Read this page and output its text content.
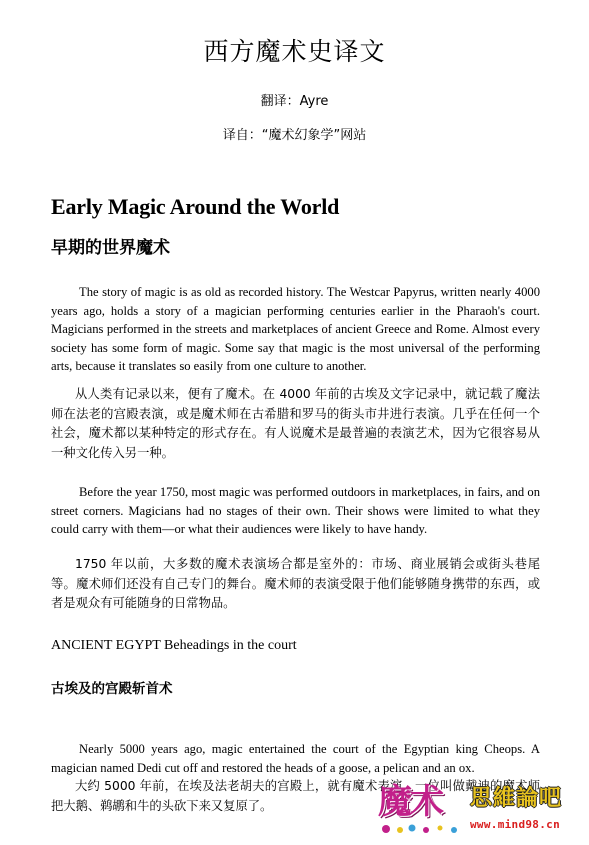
西方魔术史译文
翻译：Ayre
译自：“魔术幻象学”网站
Early Magic Around the World
早期的世界魔术

The story of magic is as old as recorded history. The Westcar Papyrus, written nearly 4000 years ago, holds a story of a magician performing centuries earlier in the Pharaoh's court. Magicians performed in the streets and marketplaces of ancient Greece and Rome. Almost every society has some form of magic. Some say that magic is the most universal of the performing arts, because it translates so easily from one culture to another.

从人类有记录以来，便有了魔术。在 4000 年前的古埃及文字记录中，就记载了魔法师在法老的宫殿表演，或是魔术师在古希腊和罗马的街头市井进行表演。几乎在任何一个社会，魔术都以某种特定的形式存在。有人说魔术是最普遍的表演艺术，因为它很容易从一种文化传入另一种。

Before the year 1750, most magic was performed outdoors in marketplaces, in fairs, and on street corners. Magicians had no stages of their own. Their shows were limited to what they could carry with them—or what their audiences were likely to have handy.

1750 年以前，大多数的魔术表演场合都是室外的：市场、商业展销会或街头巷尾等。魔术师们还没有自己专门的舞台。魔术师的表演受限于他们能够随身携带的东西，或者是观众有可能随身的日常物品。

ANCIENT EGYPT Beheadings in the court
古埃及的宫殿斩首术

Nearly 5000 years ago, magic entertained the court of the Egyptian king Cheops. A magician named Dedi cut off and restored the heads of a goose, a pelican and an ox.

大约 5000 年前，在埃及法老胡夫的宫殿上，就有魔术表演。一位叫做戴迪的魔术师把大鹅、鹈鹕和牛的头砍下来又复原了。	魔术	思維論吧
www.mind98.cn
